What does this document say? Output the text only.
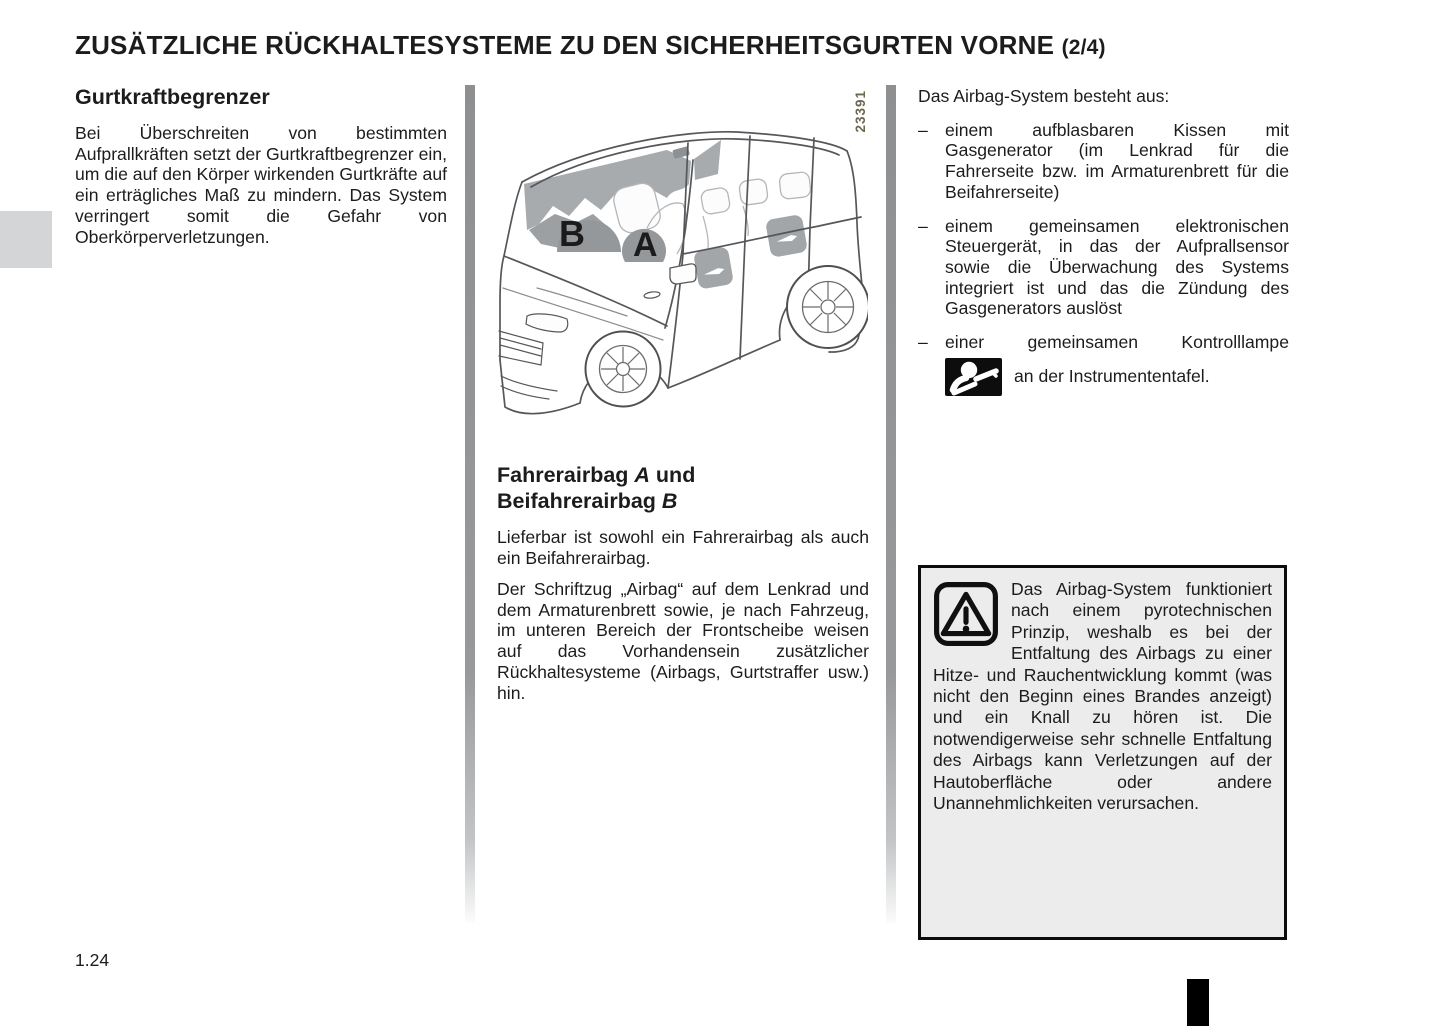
ZUSÄTZLICHE RÜCKHALTESYSTEME ZU DEN SICHERHEITSGURTEN VORNE (2/4)
Gurtkraftbegrenzer

Bei Überschreiten von bestimmten Aufprallkräften setzt der Gurtkraftbegrenzer ein, um die auf den Körper wirkenden Gurtkräfte auf ein erträgliches Maß zu mindern. Das System verringert somit die Gefahr von Oberkörperverletzungen.	B A
23391
Fahrerairbag A und
Beifahrerairbag B

Lieferbar ist sowohl ein Fahrerairbag als auch ein Beifahrerairbag.

Der Schriftzug „Airbag“ auf dem Lenkrad und dem Armaturenbrett sowie, je nach Fahrzeug, im unteren Bereich der Frontscheibe weisen auf das Vorhandensein zusätzlicher Rückhaltesysteme (Airbags, Gurtstraffer usw.) hin.

Das Airbag-System besteht aus:

– einem aufblasbaren Kissen mit Gasgenerator (im Lenkrad für die Fahrerseite bzw. im Armaturenbrett für die Beifahrerseite)
– einem gemeinsamen elektronischen Steuergerät, in das der Aufprallsensor sowie die Überwachung des Systems integriert ist und das die Zündung des Gasgenerators auslöst
– einer gemeinsamen Kontrolllampe
an der Instrumententafel.

Das Airbag-System funktioniert nach einem pyrotechnischen Prinzip, weshalb es bei der Entfaltung des Airbags zu einer Hitze- und Rauchentwicklung kommt (was nicht den Beginn eines Brandes anzeigt) und ein Knall zu hören ist. Die notwendigerweise sehr schnelle Entfaltung des Airbags kann Verletzungen auf der Hautoberfläche oder andere Unannehmlichkeiten verursachen.

1.24
